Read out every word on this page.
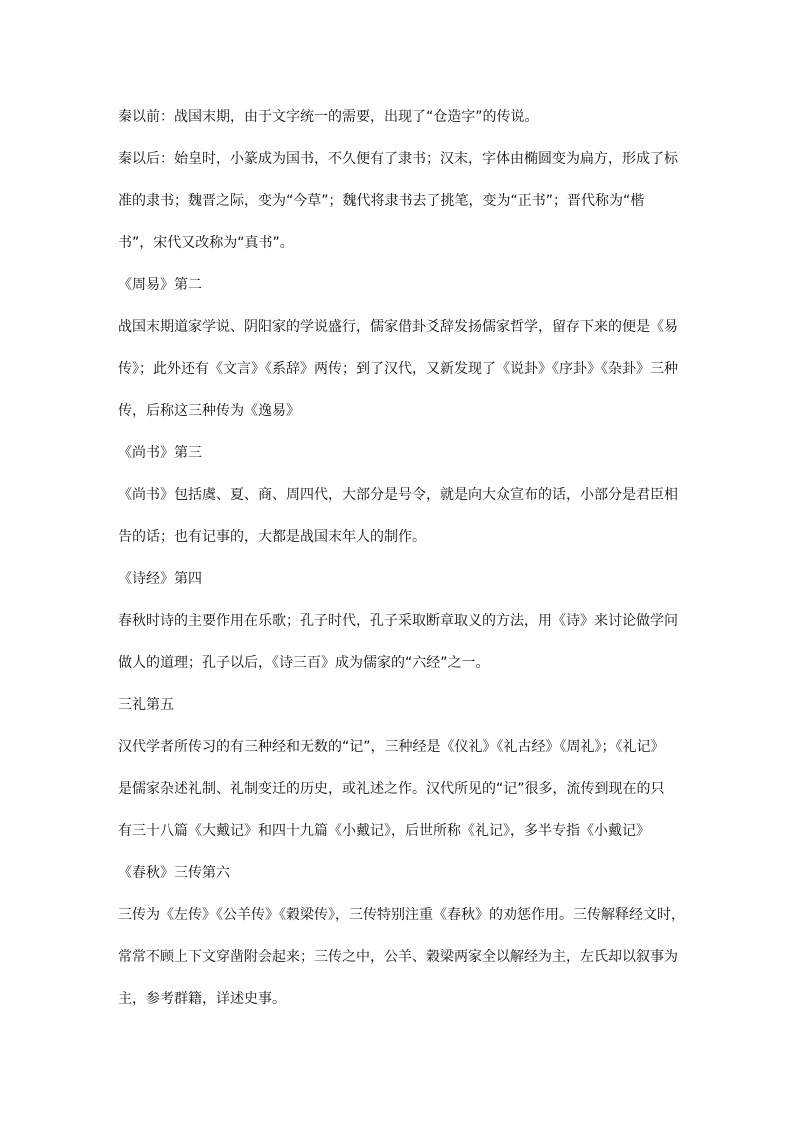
秦以前：战国末期，由于文字统一的需要，出现了“仓造字”的传说。
秦以后：始皇时，小篆成为国书，不久便有了隶书；汉末，字体由椭圆变为扁方，形成了标
准的隶书；魏晋之际，变为“今草”；魏代将隶书去了挑笔，变为“正书”；晋代称为“楷
书”，宋代又改称为“真书”。
《周易》第二
战国末期道家学说、阴阳家的学说盛行，儒家借卦爻辞发扬儒家哲学，留存下来的便是《易
传》；此外还有《文言》《系辞》两传；到了汉代，又新发现了《说卦》《序卦》《杂卦》三种
传，后称这三种传为《逸易》
《尚书》第三
《尚书》包括虞、夏、商、周四代，大部分是号令，就是向大众宣布的话，小部分是君臣相
告的话；也有记事的，大都是战国末年人的制作。
《诗经》第四
春秋时诗的主要作用在乐歌；孔子时代，孔子采取断章取义的方法，用《诗》来讨论做学问
做人的道理；孔子以后，《诗三百》成为儒家的“六经”之一。
三礼第五
汉代学者所传习的有三种经和无数的“记”，三种经是《仪礼》《礼古经》《周礼》；《礼记》
是儒家杂述礼制、礼制变迁的历史，或礼述之作。汉代所见的“记”很多，流传到现在的只
有三十八篇《大戴记》和四十九篇《小戴记》，后世所称《礼记》，多半专指《小戴记》
《春秋》三传第六
三传为《左传》《公羊传》《穀梁传》，三传特别注重《春秋》的劝惩作用。三传解释经文时，
常常不顾上下文穿凿附会起来；三传之中，公羊、穀梁两家全以解经为主，左氏却以叙事为
主，参考群籍，详述史事。
